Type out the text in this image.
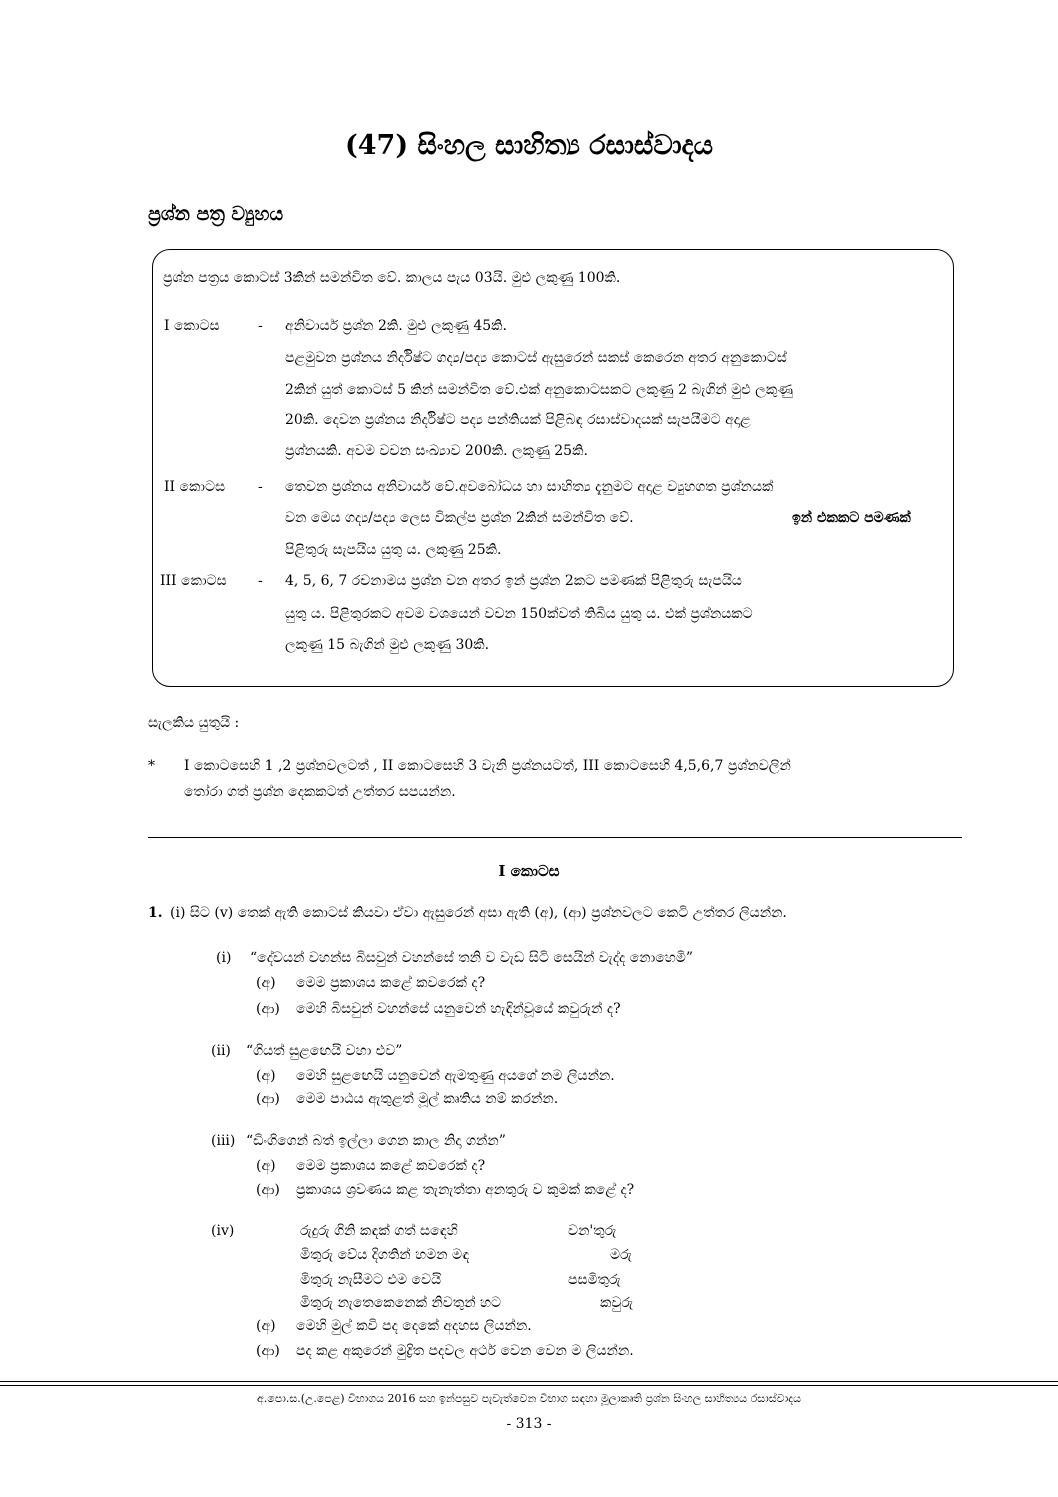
(47) සිංහල සාහිත්‍ය රසාස්වාදය
ප්‍රශ්න පත්‍ර ව්‍යුහය
ප්‍රශ්න පත්‍රය කොටස් 3කින් සමන්විත වේ. කාලය පැය 03යි. මුළු ලකුණු 100කි.
I කොටස	- අනිවාර්ය ප්‍රශ්න 2කි. මුළු ලකුණු 45කි.
පළමුවන ප්‍රශ්නය නිර්දිෂ්ට ගද්‍ය/පද්‍ය කොටස් ඇසුරෙන් සකස් කෙරෙන අතර අනුකොටස්
2කින් යුත් කොටස් 5 කින් සමන්විත වේ.එක් අනුකොටසකට ලකුණු 2 බැගින් මුළු ලකුණු
20කි. දෙවන ප්‍රශ්නය නිර්දිෂ්ට පද්‍ය පන්තියක් පිළිබඳ රසාස්වාදයක් සැපයීමට අදාළ
ප්‍රශ්නයකි. අවම වචන සංඛ්‍යාව 200කි. ලකුණු 25කි.
II කොටස - තෙවන ප්‍රශ්නය අනිවාර්ය වේ.අවබෝධය හා සාහිත්‍ය දැනුමට අදාළ ව්‍යුහගත ප්‍රශ්නයක්
වන මෙය ගද්‍ය/පද්‍ය ලෙස විකල්ප ප්‍රශ්න 2කින් සමන්විත වේ.	ඉන් එකකට පමණක්
පිළිතුරු සැපයිය යුතු ය. ලකුණු 25කි.
III කොටස - 4, 5, 6, 7 රචනාමය ප්‍රශ්න වන අතර ඉන් ප්‍රශ්න 2කට පමණක් පිළිතුරු සැපයිය
යුතු ය. පිළිතුරකට අවම වශයෙන් වචන 150ක්වත් තිබිය යුතු ය. එක් ප්‍රශ්නයකට
ලකුණු 15 බැගින් මුළු ලකුණු 30කි.
සැලකිය යුතුයි :
* I කොටසෙහි 1 ,2 ප්‍රශ්නවලටත් , II කොටසෙහි 3 වැනි ප්‍රශ්නයටත්, III කොටසෙහි 4,5,6,7 ප්‍රශ්නවලින්
තෝරා ගත් ප්‍රශ්න දෙකකටත් උත්තර සපයන්න.
I කොටස
1. (i) සිට (v) තෙක් ඇති කොටස් කියවා ඒවා ඇසුරෙන් අසා ඇති (අ), (ආ) ප්‍රශ්නවලට කෙටි උත්තර ලියන්න.
(i) “දේවයන් වහන්ස බිසවුන් වහන්සේ තනි ව වැඩ සිටි සෙයින් වැද්ද නොහෙමි”
(අ) මෙම ප්‍රකාශය කළේ කවරෙක් ද?
(ආ) මෙහි බිසවුන් වහන්සේ යනුවෙන් හැඳින්වූයේ කවුරුන් ද?
(ii) “ගියත් සුළඟෙයි වහා එව”
(අ) මෙහි සුළඟෙයි යනුවෙන් ඇමතුණු අයගේ නම ලියන්න.
(ආ) මෙම පාඨය ඇතුළත් මූල් කෘතිය නම් කරන්න.
(iii) “ඩිංගිගෙන් බත් ඉල්ලා ගෙන කාල නිදා ගන්න”
(අ) මෙම ප්‍රකාශය කළේ කවරෙක් ද?
(ආ) ප්‍රකාශය ශ්‍රවණය කළ තැනැත්තා අනතුරු ව කුමක් කළේ ද?
(iv)	රුදුරු ගිනි කඳක් ගත් සඳෙහි	වන'තුරු
මිතුරු වේය දිගතින් හමන මඳ	මරු
මිතුරු නැසීමට එම වෙයි	පසමිතුරු
මිතුරු නැතෙකෙනෙක් නිවතුන් හට	කවුරු
(අ) මෙහි මුල් කවි පද දෙකේ අදහස ලියන්න.
(ආ) පද කළ අකුරෙන් මුද්‍රිත පදවල අර්ථ වෙන වෙන ම ලියන්න.
අ.පො.ස.(උ.පෙළ) විභාගය 2016 සහ ඉන්පසුව පැවැත්වෙන විභාග සඳහා මූලාකෘති ප්‍රශ්න සිංහල සාහිත්‍යය රසාස්වාදය
- 313 -
